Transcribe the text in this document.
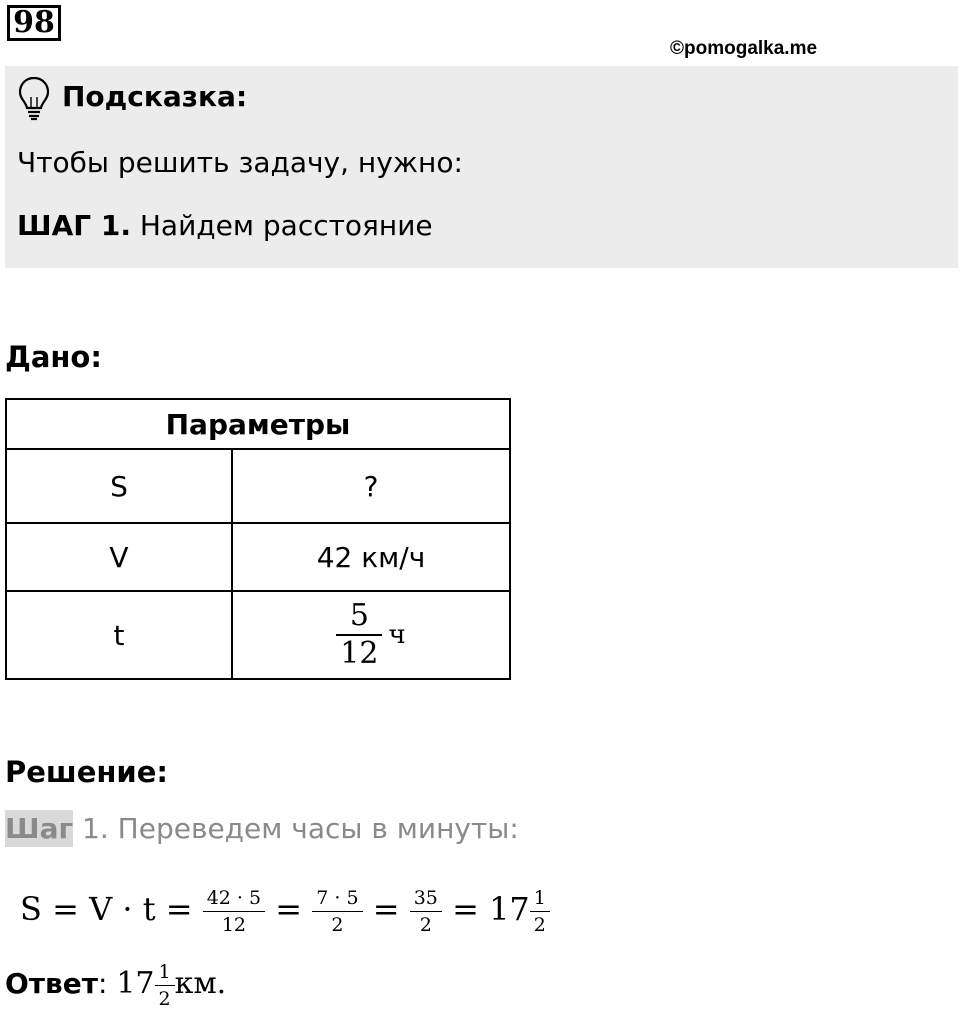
98
©pomogalka.me
Подсказка:
Чтобы решить задачу, нужно:
ШАГ 1. Найдем расстояние
Дано:
Параметры	
S	?
V	42 км/ч
t	$\frac{5}{12}$ ч
Решение:
Шаг 1. Переведем часы в минуты:
$S = V \cdot t = \frac{42 \cdot 5}{12} = \frac{7 \cdot 5}{2} = \frac{35}{2} = 17 \frac{1}{2}$
Ответ: $17 \frac{1}{2}$ км.
